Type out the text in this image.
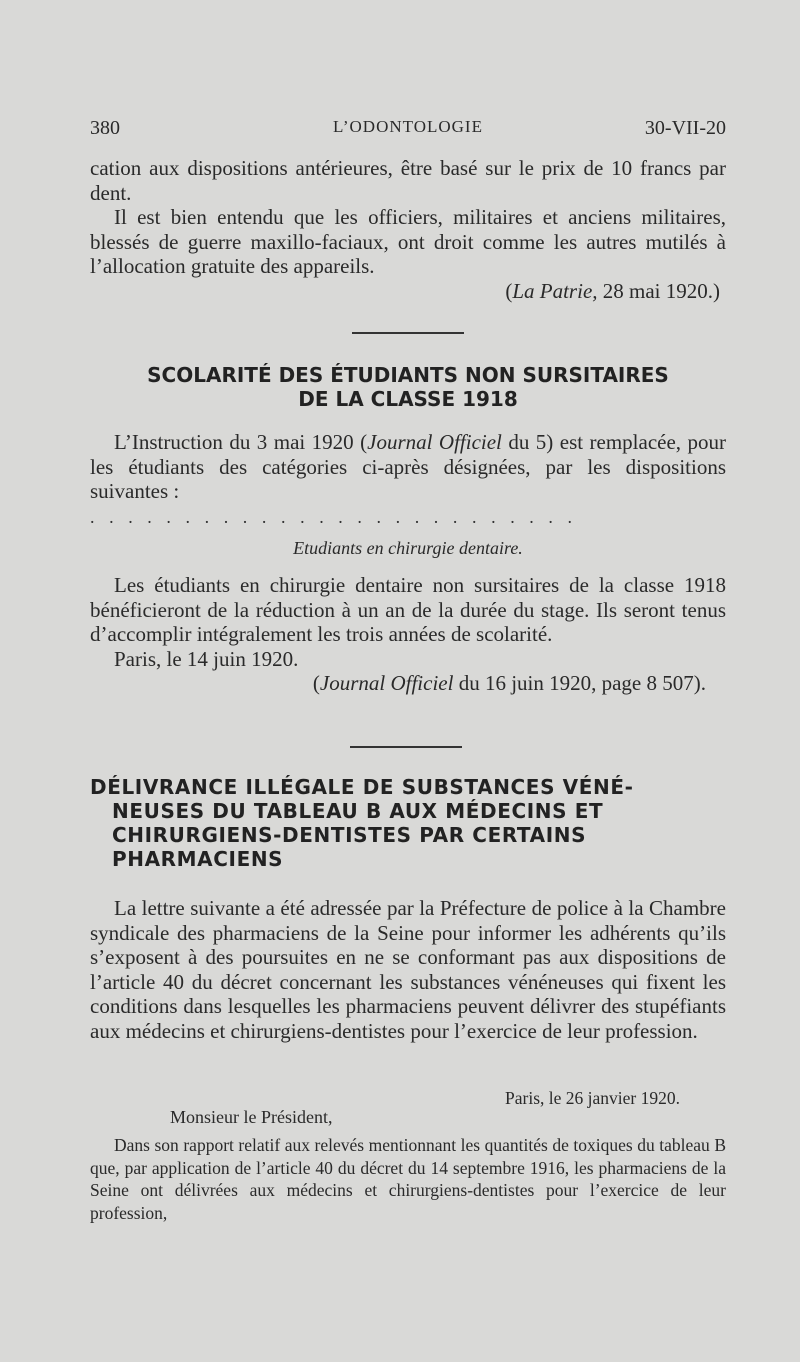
380	L’ODONTOLOGIE	30-VII-20

cation aux dispositions antérieures, être basé sur le prix de 10 francs par dent.

Il est bien entendu que les officiers, militaires et anciens militaires, blessés de guerre maxillo-faciaux, ont droit comme les autres mutilés à l’allocation gratuite des appareils.

(La Patrie, 28 mai 1920.)

SCOLARITÉ DES ÉTUDIANTS NON SURSITAIRES
DE LA CLASSE 1918

L’Instruction du 3 mai 1920 (Journal Officiel du 5) est remplacée, pour les étudiants des catégories ci-après désignées, par les dispositions suivantes :

..........................
Etudiants en chirurgie dentaire.

Les étudiants en chirurgie dentaire non sursitaires de la classe 1918 bénéficieront de la réduction à un an de la durée du stage. Ils seront tenus d’accomplir intégralement les trois années de scolarité.

Paris, le 14 juin 1920.

(Journal Officiel du 16 juin 1920, page 8 507).

DÉLIVRANCE ILLÉGALE DE SUBSTANCES VÉNÉ-
NEUSES DU TABLEAU B AUX MÉDECINS ET
CHIRURGIENS-DENTISTES PAR CERTAINS
PHARMACIENS

La lettre suivante a été adressée par la Préfecture de police à la Chambre syndicale des pharmaciens de la Seine pour informer les adhérents qu’ils s’exposent à des poursuites en ne se conformant pas aux dispositions de l’article 40 du décret concernant les substances vénéneuses qui fixent les conditions dans lesquelles les pharmaciens peuvent délivrer des stupéfiants aux médecins et chirurgiens-dentistes pour l’exercice de leur profession.

Paris, le 26 janvier 1920.
Monsieur le Président,

Dans son rapport relatif aux relevés mentionnant les quantités de toxiques du tableau B que, par application de l’article 40 du décret du 14 septembre 1916, les pharmaciens de la Seine ont délivrées aux médecins et chirurgiens-dentistes pour l’exercice de leur profession,
